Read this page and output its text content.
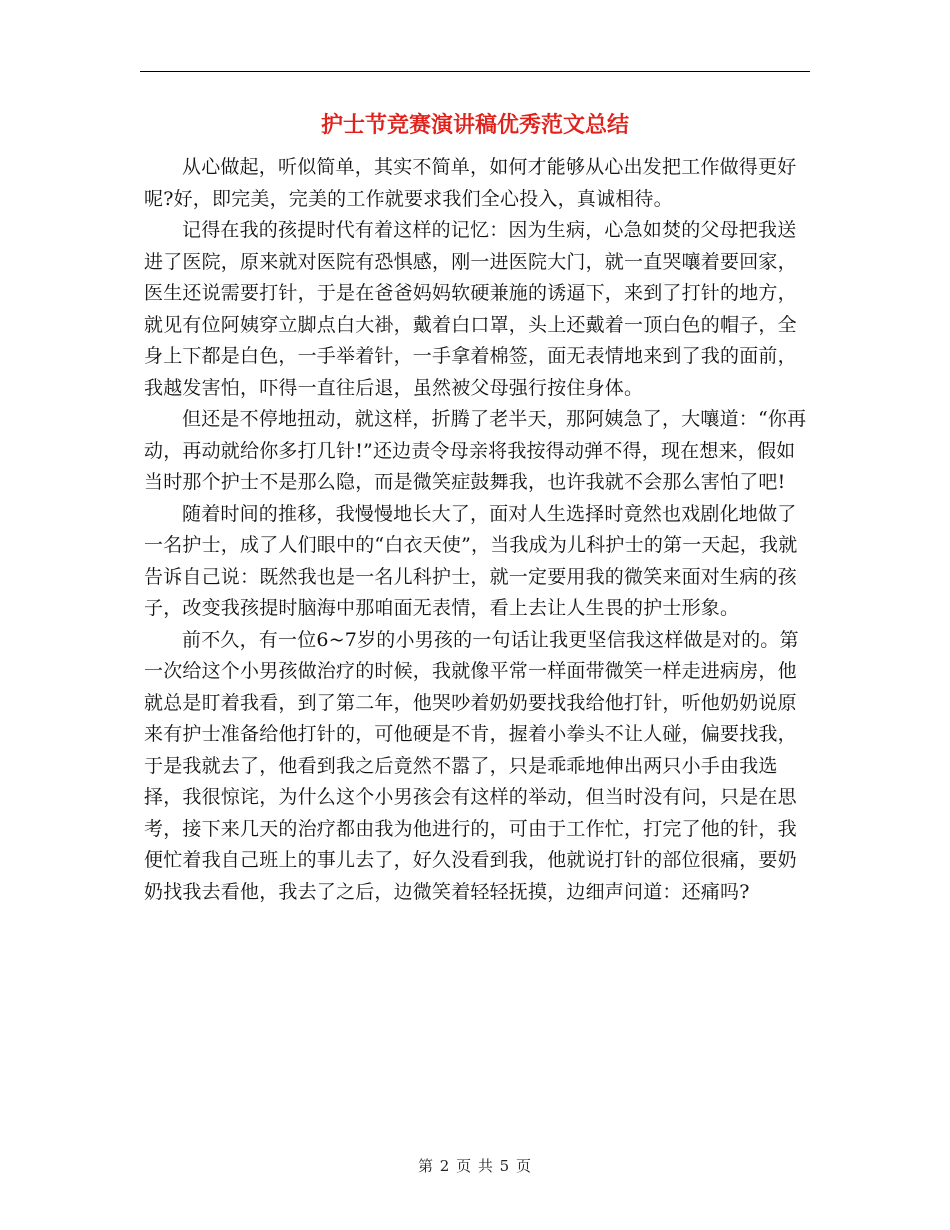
护士节竞赛演讲稿优秀范文总结

从心做起，听似简单，其实不简单，如何才能够从心出发把工作做得更好呢?好，即完美，完美的工作就要求我们全心投入，真诚相待。

记得在我的孩提时代有着这样的记忆：因为生病，心急如焚的父母把我送进了医院，原来就对医院有恐惧感，刚一进医院大门，就一直哭嚷着要回家，医生还说需要打针，于是在爸爸妈妈软硬兼施的诱逼下，来到了打针的地方，就见有位阿姨穿立脚点白大褂，戴着白口罩，头上还戴着一顶白色的帽子，全身上下都是白色，一手举着针，一手拿着棉签，面无表情地来到了我的面前，我越发害怕，吓得一直往后退，虽然被父母强行按住身体。

但还是不停地扭动，就这样，折腾了老半天，那阿姨急了，大嚷道：“你再动，再动就给你多打几针!”还边责令母亲将我按得动弹不得，现在想来，假如当时那个护士不是那么隐，而是微笑症鼓舞我，也许我就不会那么害怕了吧!

随着时间的推移，我慢慢地长大了，面对人生选择时竟然也戏剧化地做了一名护士，成了人们眼中的“白衣天使”，当我成为儿科护士的第一天起，我就告诉自己说：既然我也是一名儿科护士，就一定要用我的微笑来面对生病的孩子，改变我孩提时脑海中那咱面无表情，看上去让人生畏的护士形象。

前不久，有一位6~7岁的小男孩的一句话让我更坚信我这样做是对的。第一次给这个小男孩做治疗的时候，我就像平常一样面带微笑一样走进病房，他就总是盯着我看，到了第二年，他哭吵着奶奶要找我给他打针，听他奶奶说原来有护士准备给他打针的，可他硬是不肯，握着小拳头不让人碰，偏要找我，于是我就去了，他看到我之后竟然不嚣了，只是乖乖地伸出两只小手由我选择，我很惊诧，为什么这个小男孩会有这样的举动，但当时没有问，只是在思考，接下来几天的治疗都由我为他进行的，可由于工作忙，打完了他的针，我便忙着我自己班上的事儿去了，好久没看到我，他就说打针的部位很痛，要奶奶找我去看他，我去了之后，边微笑着轻轻抚摸，边细声问道：还痛吗?

第 2 页 共 5 页
